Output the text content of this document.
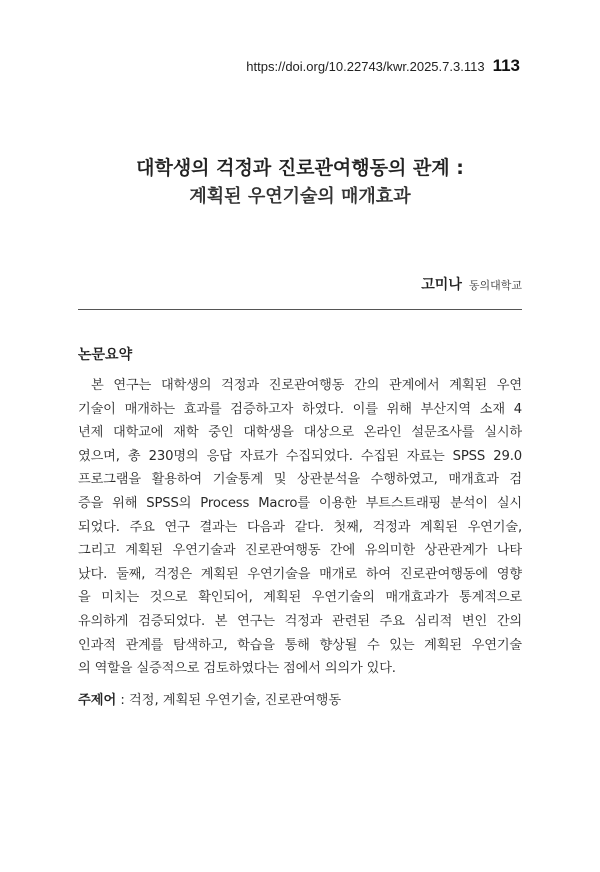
https://doi.org/10.22743/kwr.2025.7.3.113 113
대학생의 걱정과 진로관여행동의 관계 :
계획된 우연기술의 매개효과
고미나 동의대학교
논문요약
본 연구는 대학생의 걱정과 진로관여행동 간의 관계에서 계획된 우연
기술이 매개하는 효과를 검증하고자 하였다. 이를 위해 부산지역 소재 4
년제 대학교에 재학 중인 대학생을 대상으로 온라인 설문조사를 실시하
였으며, 총 230명의 응답 자료가 수집되었다. 수집된 자료는 SPSS 29.0
프로그램을 활용하여 기술통계 및 상관분석을 수행하였고, 매개효과 검
증을 위해 SPSS의 Process Macro를 이용한 부트스트래핑 분석이 실시
되었다. 주요 연구 결과는 다음과 같다. 첫째, 걱정과 계획된 우연기술,
그리고 계획된 우연기술과 진로관여행동 간에 유의미한 상관관계가 나타
났다. 둘째, 걱정은 계획된 우연기술을 매개로 하여 진로관여행동에 영향
을 미치는 것으로 확인되어, 계획된 우연기술의 매개효과가 통계적으로
유의하게 검증되었다. 본 연구는 걱정과 관련된 주요 심리적 변인 간의
인과적 관계를 탐색하고, 학습을 통해 향상될 수 있는 계획된 우연기술
의 역할을 실증적으로 검토하였다는 점에서 의의가 있다.
주제어 : 걱정, 계획된 우연기술, 진로관여행동
